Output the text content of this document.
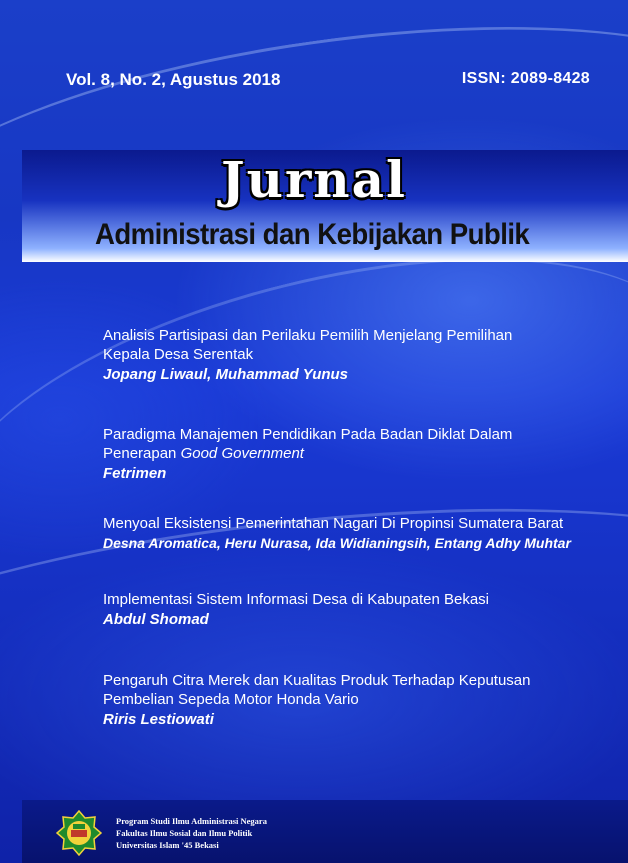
Vol. 8, No. 2, Agustus 2018	ISSN: 2089-8428
Jurnal
Administrasi dan Kebijakan Publik
Analisis Partisipasi dan Perilaku Pemilih Menjelang Pemilihan
Kepala Desa Serentak
Jopang Liwaul, Muhammad Yunus
Paradigma Manajemen Pendidikan Pada Badan Diklat Dalam
Penerapan Good Government
Fetrimen
Menyoal Eksistensi Pemerintahan Nagari Di Propinsi Sumatera Barat
Desna Aromatica, Heru Nurasa, Ida Widianingsih, Entang Adhy Muhtar
Implementasi Sistem Informasi Desa di Kabupaten Bekasi
Abdul Shomad
Pengaruh Citra Merek dan Kualitas Produk Terhadap Keputusan
Pembelian Sepeda Motor Honda Vario
Riris Lestiowati
Program Studi Ilmu Administrasi Negara
Fakultas Ilmu Sosial dan Ilmu Politik
Universitas Islam '45 Bekasi
